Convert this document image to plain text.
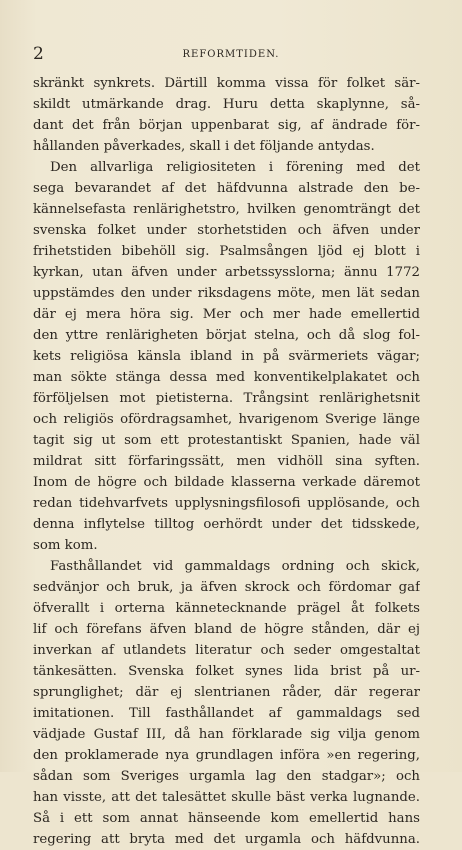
2	REFORMTIDEN.
skränkt synkrets. Därtill komma vissa för folket sär-
skildt utmärkande drag. Huru detta skaplynne, så-
dant det från början uppenbarat sig, af ändrade för-
hållanden påverkades, skall i det följande antydas.
Den allvarliga religiositeten i förening med det
sega bevarandet af det häfdvunna alstrade den be-
kännelsefasta renlärighetstro, hvilken genomträngt det
svenska folket under storhetstiden och äfven under
frihetstiden bibehöll sig. Psalmsången ljöd ej blott i
kyrkan, utan äfven under arbetssysslorna; ännu 1772
uppstämdes den under riksdagens möte, men lät sedan
där ej mera höra sig. Mer och mer hade emellertid
den yttre renlärigheten börjat stelna, och då slog fol-
kets religiösa känsla ibland in på svärmeriets vägar;
man sökte stänga dessa med konventikelplakatet och
förföljelsen mot pietisterna. Trångsint renlärighetsnit
och religiös ofördragsamhet, hvarigenom Sverige länge
tagit sig ut som ett protestantiskt Spanien, hade väl
mildrat sitt förfaringssätt, men vidhöll sina syften.
Inom de högre och bildade klasserna verkade däremot
redan tidehvarfvets upplysningsfilosofi upplösande, och
denna inflytelse tilltog oerhördt under det tidsskede,
som kom.
Fasthållandet vid gammaldags ordning och skick,
sedvänjor och bruk, ja äfven skrock och fördomar gaf
öfverallt i orterna kännetecknande prägel åt folkets
lif och förefans äfven bland de högre stånden, där ej
inverkan af utlandets literatur och seder omgestaltat
tänkesätten. Svenska folket synes lida brist på ur-
sprunglighet; där ej slentrianen råder, där regerar
imitationen. Till fasthållandet af gammaldags sed
vädjade Gustaf III, då han förklarade sig vilja genom
den proklamerade nya grundlagen införa »en regering,
sådan som Sveriges urgamla lag den stadgar»; och
han visste, att det talesättet skulle bäst verka lugnande.
Så i ett som annat hänseende kom emellertid hans
regering att bryta med det urgamla och häfdvunna.
